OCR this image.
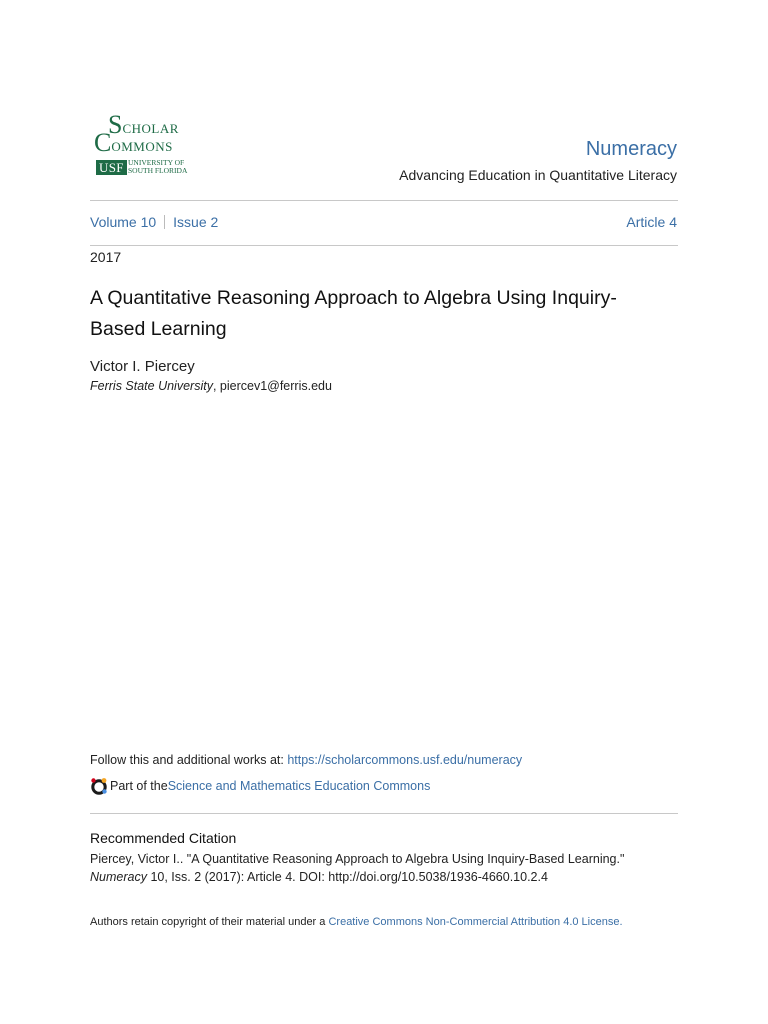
SCHOLAR
COMMONS
USF UNIVERSITY OF
SOUTH FLORIDA
Numeracy
Advancing Education in Quantitative Literacy
Volume 10 Issue 2	Article 4
2017
A Quantitative Reasoning Approach to Algebra Using Inquiry-Based Learning
Victor I. Piercey
Ferris State University, piercev1@ferris.edu
Follow this and additional works at: https://scholarcommons.usf.edu/numeracy
Part of the Science and Mathematics Education Commons
Recommended Citation
Piercey, Victor I.. "A Quantitative Reasoning Approach to Algebra Using Inquiry-Based Learning." Numeracy 10, Iss. 2 (2017): Article 4. DOI: http://doi.org/10.5038/1936-4660.10.2.4
Authors retain copyright of their material under a Creative Commons Non-Commercial Attribution 4.0 License.
